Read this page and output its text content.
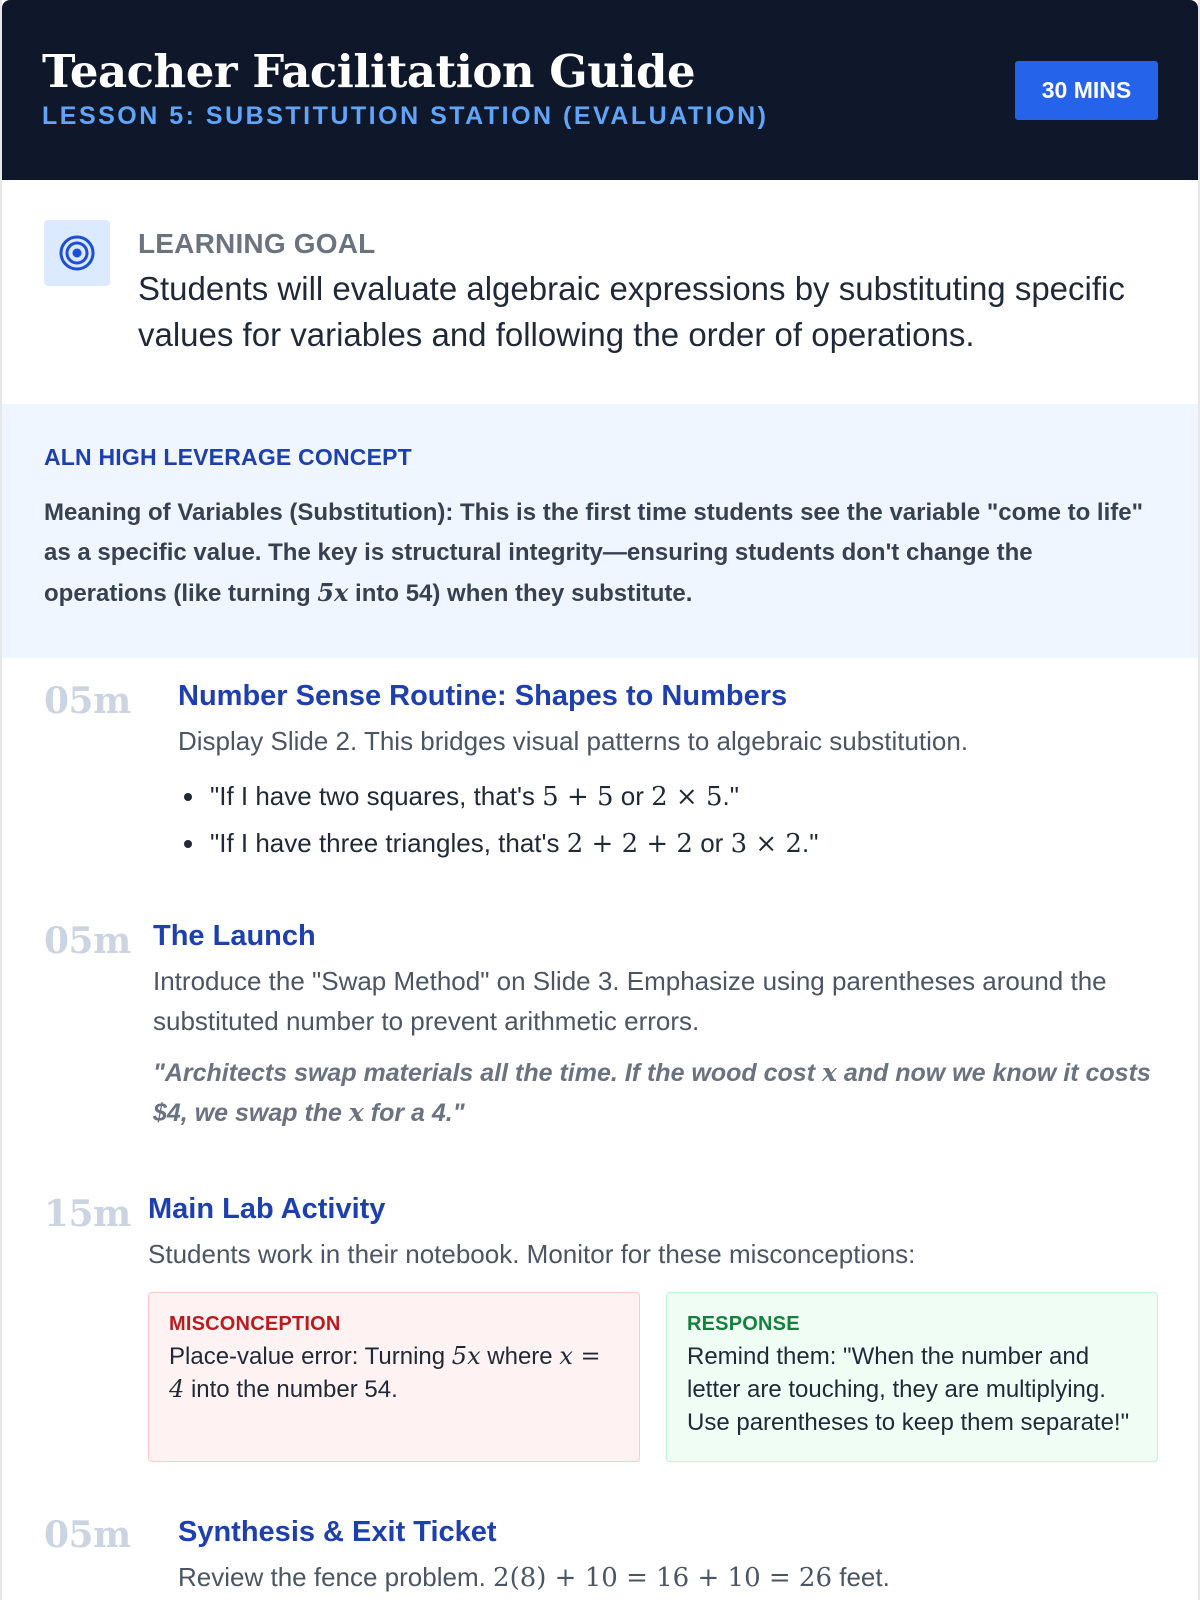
Teacher Facilitation Guide
LESSON 5: SUBSTITUTION STATION (EVALUATION)
30 MINS
LEARNING GOAL
Students will evaluate algebraic expressions by substituting specific values for variables and following the order of operations.
ALN HIGH LEVERAGE CONCEPT
Meaning of Variables (Substitution): This is the first time students see the variable "come to life" as a specific value. The key is structural integrity—ensuring students don't change the operations (like turning 5x into 54) when they substitute.
05m Number Sense Routine: Shapes to Numbers
Display Slide 2. This bridges visual patterns to algebraic substitution.
"If I have two squares, that's 5 + 5 or 2 × 5."
"If I have three triangles, that's 2 + 2 + 2 or 3 × 2."
05m The Launch
Introduce the "Swap Method" on Slide 3. Emphasize using parentheses around the substituted number to prevent arithmetic errors.
"Architects swap materials all the time. If the wood cost x and now we know it costs $4, we swap the x for a 4."
15m Main Lab Activity
Students work in their notebook. Monitor for these misconceptions:
MISCONCEPTION
Place-value error: Turning 5x where x = 4 into the number 54.
RESPONSE
Remind them: "When the number and letter are touching, they are multiplying. Use parentheses to keep them separate!"
05m Synthesis & Exit Ticket
Review the fence problem. 2(8) + 10 = 16 + 10 = 26 feet.
